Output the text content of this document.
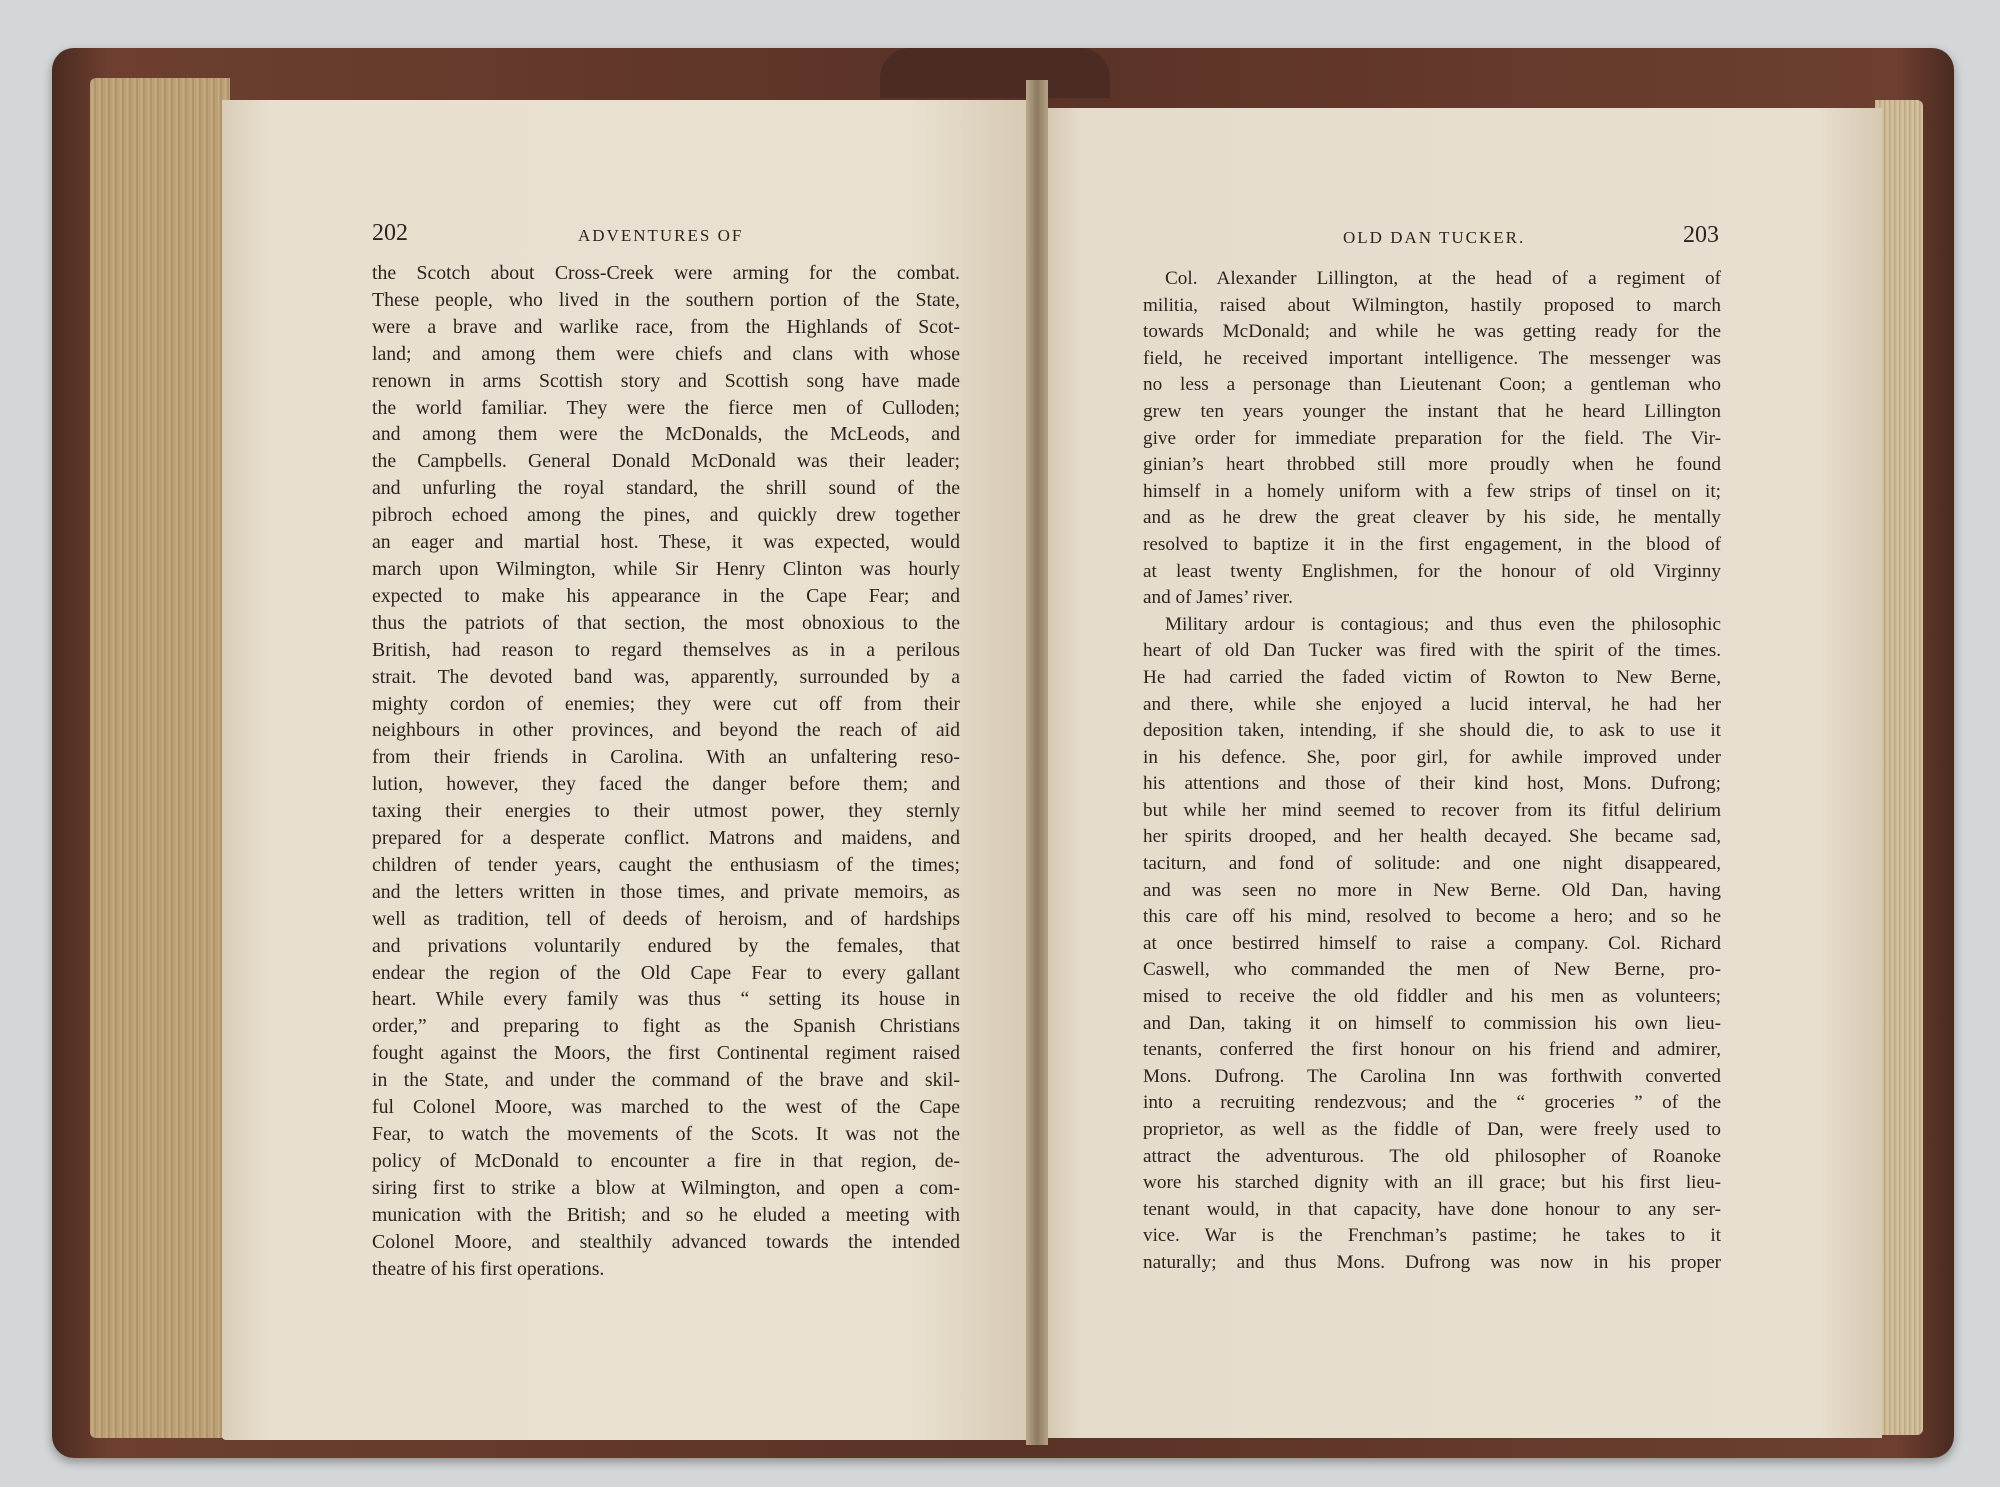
202	ADVENTURES OF	OLD DAN TUCKER.	203
the Scotch about Cross-Creek were arming for the combat.
These people, who lived in the southern portion of the State,
were a brave and warlike race, from the Highlands of Scot-
land; and among them were chiefs and clans with whose
renown in arms Scottish story and Scottish song have made
the world familiar. They were the fierce men of Culloden;
and among them were the McDonalds, the McLeods, and
the Campbells. General Donald McDonald was their leader;
and unfurling the royal standard, the shrill sound of the
pibroch echoed among the pines, and quickly drew together
an eager and martial host. These, it was expected, would
march upon Wilmington, while Sir Henry Clinton was hourly
expected to make his appearance in the Cape Fear; and
thus the patriots of that section, the most obnoxious to the
British, had reason to regard themselves as in a perilous
strait. The devoted band was, apparently, surrounded by a
mighty cordon of enemies; they were cut off from their
neighbours in other provinces, and beyond the reach of aid
from their friends in Carolina. With an unfaltering reso-
lution, however, they faced the danger before them; and
taxing their energies to their utmost power, they sternly
prepared for a desperate conflict. Matrons and maidens, and
children of tender years, caught the enthusiasm of the times;
and the letters written in those times, and private memoirs, as
well as tradition, tell of deeds of heroism, and of hardships
and privations voluntarily endured by the females, that
endear the region of the Old Cape Fear to every gallant
heart. While every family was thus “ setting its house in
order,” and preparing to fight as the Spanish Christians
fought against the Moors, the first Continental regiment raised
in the State, and under the command of the brave and skil-
ful Colonel Moore, was marched to the west of the Cape
Fear, to watch the movements of the Scots. It was not the
policy of McDonald to encounter a fire in that region, de-
siring first to strike a blow at Wilmington, and open a com-
munication with the British; and so he eluded a meeting with
Colonel Moore, and stealthily advanced towards the intended
theatre of his first operations.
Col. Alexander Lillington, at the head of a regiment of
militia, raised about Wilmington, hastily proposed to march
towards McDonald; and while he was getting ready for the
field, he received important intelligence. The messenger was
no less a personage than Lieutenant Coon; a gentleman who
grew ten years younger the instant that he heard Lillington
give order for immediate preparation for the field. The Vir-
ginian’s heart throbbed still more proudly when he found
himself in a homely uniform with a few strips of tinsel on it;
and as he drew the great cleaver by his side, he mentally
resolved to baptize it in the first engagement, in the blood of
at least twenty Englishmen, for the honour of old Virginny
and of James’ river.
Military ardour is contagious; and thus even the philosophic
heart of old Dan Tucker was fired with the spirit of the times.
He had carried the faded victim of Rowton to New Berne,
and there, while she enjoyed a lucid interval, he had her
deposition taken, intending, if she should die, to ask to use it
in his defence. She, poor girl, for awhile improved under
his attentions and those of their kind host, Mons. Dufrong;
but while her mind seemed to recover from its fitful delirium
her spirits drooped, and her health decayed. She became sad,
taciturn, and fond of solitude: and one night disappeared,
and was seen no more in New Berne. Old Dan, having
this care off his mind, resolved to become a hero; and so he
at once bestirred himself to raise a company. Col. Richard
Caswell, who commanded the men of New Berne, pro-
mised to receive the old fiddler and his men as volunteers;
and Dan, taking it on himself to commission his own lieu-
tenants, conferred the first honour on his friend and admirer,
Mons. Dufrong. The Carolina Inn was forthwith converted
into a recruiting rendezvous; and the “ groceries ” of the
proprietor, as well as the fiddle of Dan, were freely used to
attract the adventurous. The old philosopher of Roanoke
wore his starched dignity with an ill grace; but his first lieu-
tenant would, in that capacity, have done honour to any ser-
vice. War is the Frenchman’s pastime; he takes to it
naturally; and thus Mons. Dufrong was now in his proper
